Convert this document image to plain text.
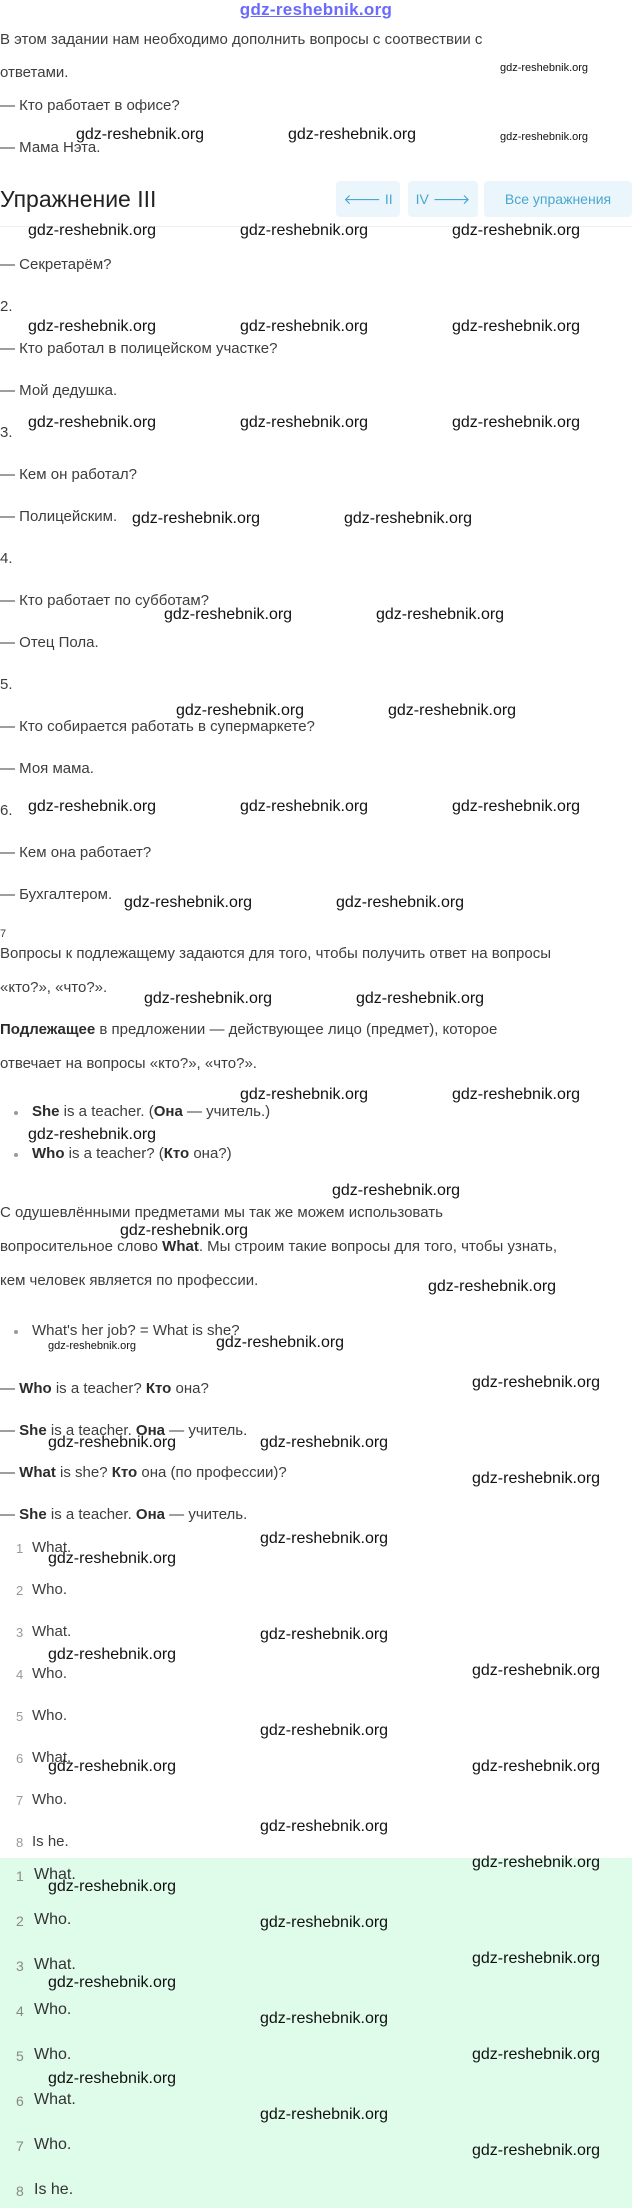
gdz-reshebnik.org
В этом задании нам необходимо дополнить вопросы с соотвествии с
ответами.
— Кто работает в офисе?
— Мама Нэта.
Упражнение III	🡐 II	IV 🡒	Все упражнения
— Секретарём?
2.
— Кто работал в полицейском участке?
— Мой дедушка.
3.
— Кем он работал?
— Полицейским.
4.
— Кто работает по субботам?
— Отец Пола.
5.
— Кто собирается работать в супермаркете?
— Моя мама.
6.
— Кем она работает?
— Бухгалтером.
7
Вопросы к подлежащему задаются для того, чтобы получить ответ на вопросы
«кто?», «что?».
Подлежащее в предложении — действующее лицо (предмет), которое
отвечает на вопросы «кто?», «что?».
She is a teacher. (Она — учитель.)
Who is a teacher? (Кто она?)
С одушевлёнными предметами мы так же можем использовать
вопросительное слово What. Мы строим такие вопросы для того, чтобы узнать,
кем человек является по профессии.
What's her job? = What is she?
— Who is a teacher? Кто она?
— She is a teacher. Она — учитель.
— What is she? Кто она (по профессии)?
— She is a teacher. Она — учитель.
1 What.
2 Who.
3 What.
4 Who.
5 Who.
6 What.
7 Who.
8 Is he.
1 What.
2 Who.
3 What.
4 Who.
5 Who.
6 What.
7 Who.
8 Is he.
gdz-reshebnik.org
gdz-reshebnik.org	gdz-reshebnik.org	gdz-reshebnik.org
gdz-reshebnik.org	gdz-reshebnik.org	gdz-reshebnik.org
gdz-reshebnik.org	gdz-reshebnik.org	gdz-reshebnik.org
gdz-reshebnik.org	gdz-reshebnik.org	gdz-reshebnik.org
gdz-reshebnik.org	gdz-reshebnik.org
gdz-reshebnik.org	gdz-reshebnik.org
gdz-reshebnik.org	gdz-reshebnik.org
gdz-reshebnik.org	gdz-reshebnik.org	gdz-reshebnik.org
gdz-reshebnik.org	gdz-reshebnik.org
gdz-reshebnik.org	gdz-reshebnik.org
gdz-reshebnik.org	gdz-reshebnik.org
gdz-reshebnik.org
gdz-reshebnik.org
gdz-reshebnik.org
gdz-reshebnik.org
gdz-reshebnik.org	gdz-reshebnik.org
gdz-reshebnik.org
gdz-reshebnik.org	gdz-reshebnik.org
gdz-reshebnik.org
gdz-reshebnik.org
gdz-reshebnik.org
gdz-reshebnik.org
gdz-reshebnik.org
gdz-reshebnik.org
gdz-reshebnik.org
gdz-reshebnik.org
gdz-reshebnik.org
gdz-reshebnik.org
gdz-reshebnik.org
gdz-reshebnik.org
gdz-reshebnik.org
gdz-reshebnik.org
gdz-reshebnik.org
gdz-reshebnik.org
gdz-reshebnik.org
gdz-reshebnik.org
gdz-reshebnik.org
gdz-reshebnik.org
